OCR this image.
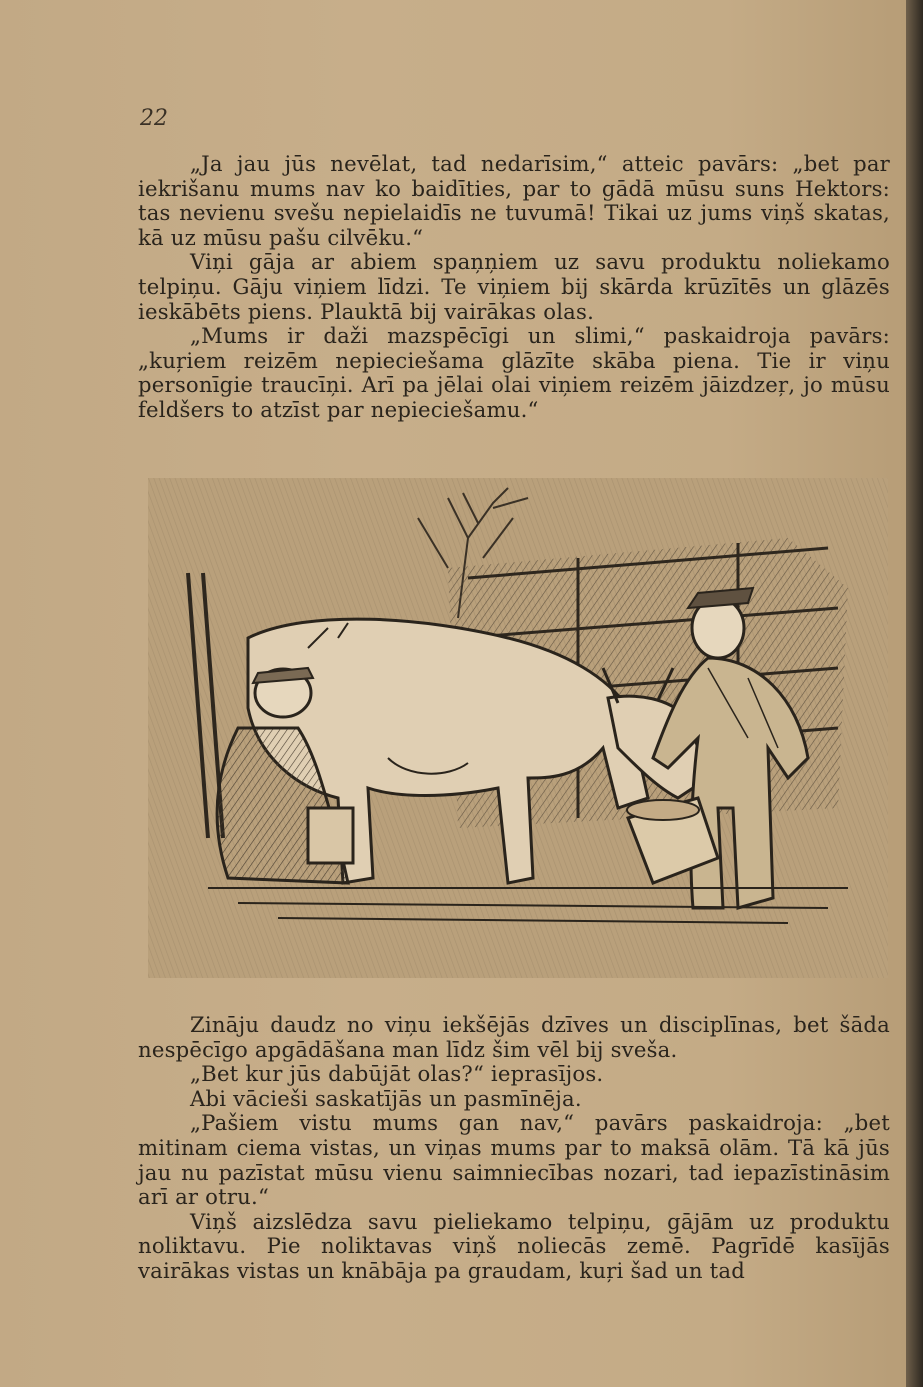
22

„Ja jau jūs nevēlat, tad nedarīsim,“ atteic pavārs: „bet par iekrišanu mums nav ko baidīties, par to gādā mūsu suns Hektors: tas nevienu svešu nepielaidīs ne tuvumā! Tikai uz jums viņš skatas, kā uz mūsu pašu cilvēku.“

Viņi gāja ar abiem spaņņiem uz savu produktu noliekamo telpiņu. Gāju viņiem līdzi. Te viņiem bij skārda krūzītēs un glāzēs ieskābēts piens. Plauktā bij vairākas olas.

„Mums ir daži mazspēcīgi un slimi,“ paskaidroja pavārs: „kuŗiem reizēm nepieciešama glāzīte skāba piena. Tie ir viņu personīgie traucīņi. Arī pa jēlai olai viņiem reizēm jāizdzeŗ, jo mūsu feldšers to atzīst par nepieciešamu.“

Zināju daudz no viņu iekšējās dzīves un disciplīnas, bet šāda nespēcīgo apgādāšana man līdz šim vēl bij sveša.

„Bet kur jūs dabūjāt olas?“ ieprasījos.

Abi vācieši saskatījās un pasmīnēja.

„Pašiem vistu mums gan nav,“ pavārs paskaidroja: „bet mitinam ciema vistas, un viņas mums par to maksā olām. Tā kā jūs jau nu pazīstat mūsu vienu saimniecības nozari, tad iepazīstināsim arī ar otru.“

Viņš aizslēdza savu pieliekamo telpiņu, gājām uz produktu noliktavu. Pie noliktavas viņš noliecās zemē. Pagrīdē kasījās vairākas vistas un knābāja pa graudam, kuŗi šad un tad
